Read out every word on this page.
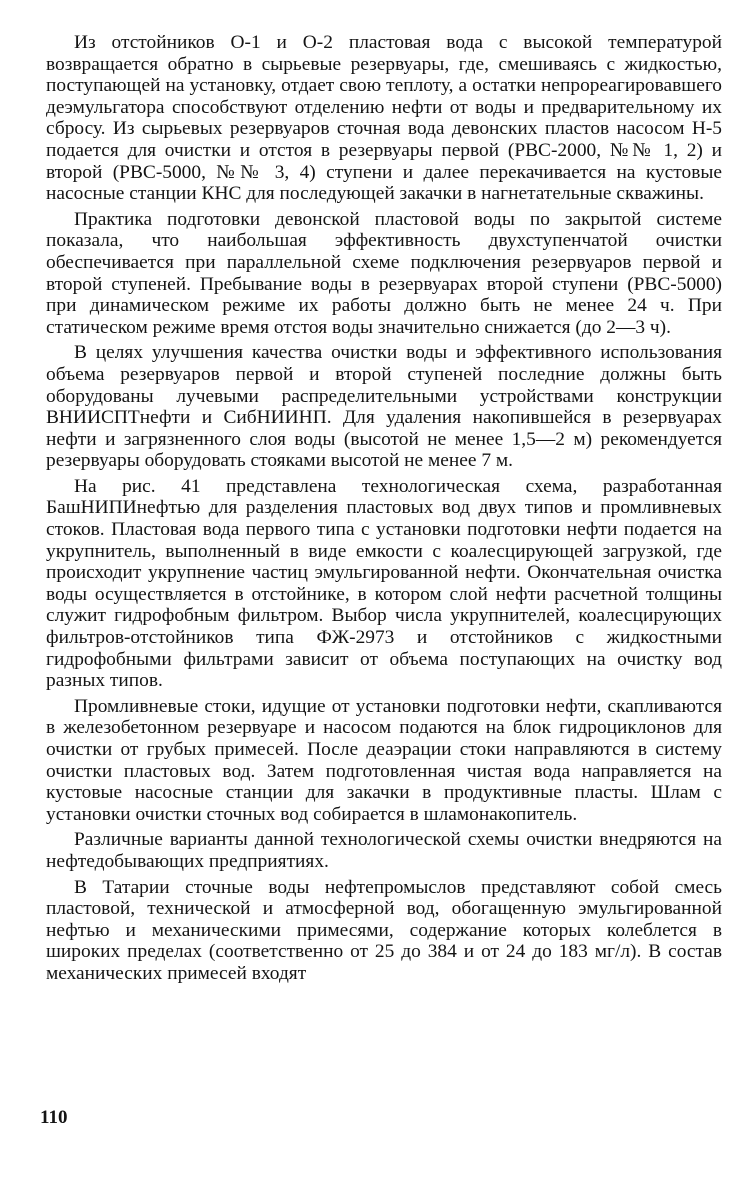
Из отстойников О-1 и О-2 пластовая вода с высокой температурой возвращается обратно в сырьевые резервуары, где, смешиваясь с жидкостью, поступающей на установку, отдает свою теплоту, а остатки непрореагировавшего деэмульгатора способствуют отделению нефти от воды и предварительному их сбросу. Из сырьевых резервуаров сточная вода девонских пластов насосом Н-5 подается для очистки и отстоя в резервуары первой (РВС-2000, №№ 1, 2) и второй (РВС-5000, №№ 3, 4) ступени и далее перекачивается на кустовые насосные станции КНС для последующей закачки в нагнетательные скважины.

Практика подготовки девонской пластовой воды по закрытой системе показала, что наибольшая эффективность двухступенчатой очистки обеспечивается при параллельной схеме подключения резервуаров первой и второй ступеней. Пребывание воды в резервуарах второй ступени (РВС-5000) при динамическом режиме их работы должно быть не менее 24 ч. При статическом режиме время отстоя воды значительно снижается (до 2—3 ч).

В целях улучшения качества очистки воды и эффективного использования объема резервуаров первой и второй ступеней последние должны быть оборудованы лучевыми распределительными устройствами конструкции ВНИИСПТнефти и СибНИИНП. Для удаления накопившейся в резервуарах нефти и загрязненного слоя воды (высотой не менее 1,5—2 м) рекомендуется резервуары оборудовать стояками высотой не менее 7 м.

На рис. 41 представлена технологическая схема, разработанная БашНИПИнефтью для разделения пластовых вод двух типов и промливневых стоков. Пластовая вода первого типа с установки подготовки нефти подается на укрупнитель, выполненный в виде емкости с коалесцирующей загрузкой, где происходит укрупнение частиц эмульгированной нефти. Окончательная очистка воды осуществляется в отстойнике, в котором слой нефти расчетной толщины служит гидрофобным фильтром. Выбор числа укрупнителей, коалесцирующих фильтров-отстойников типа ФЖ-2973 и отстойников с жидкостными гидрофобными фильтрами зависит от объема поступающих на очистку вод разных типов.

Промливневые стоки, идущие от установки подготовки нефти, скапливаются в железобетонном резервуаре и насосом подаются на блок гидроциклонов для очистки от грубых примесей. После деаэрации стоки направляются в систему очистки пластовых вод. Затем подготовленная чистая вода направляется на кустовые насосные станции для закачки в продуктивные пласты. Шлам с установки очистки сточных вод собирается в шламонакопитель.

Различные варианты данной технологической схемы очистки внедряются на нефтедобывающих предприятиях.

В Татарии сточные воды нефтепромыслов представляют собой смесь пластовой, технической и атмосферной вод, обогащенную эмульгированной нефтью и механическими примесями, содержание которых колеблется в широких пределах (соответственно от 25 до 384 и от 24 до 183 мг/л). В состав механических примесей входят

110
